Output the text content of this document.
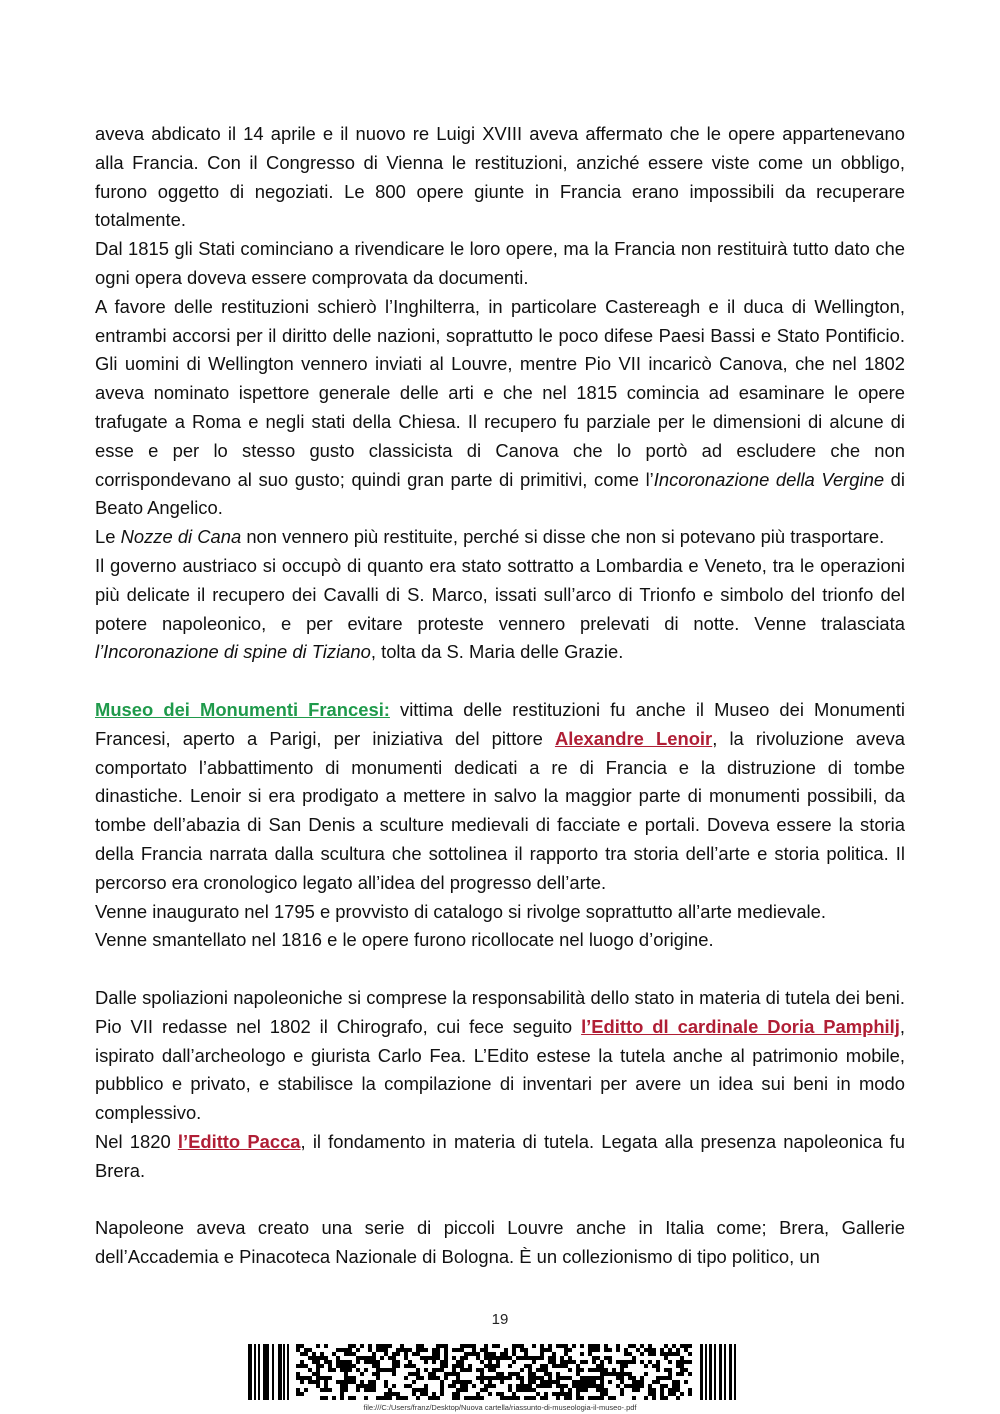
aveva abdicato il 14 aprile e il nuovo re Luigi XVIII aveva affermato che le opere appartenevano alla Francia. Con il Congresso di Vienna le restituzioni, anziché essere viste come un obbligo, furono oggetto di negoziati. Le 800 opere giunte in Francia erano impossibili da recuperare totalmente.

Dal 1815 gli Stati cominciano a rivendicare le loro opere, ma la Francia non restituirà tutto dato che ogni opera doveva essere comprovata da documenti.

A favore delle restituzioni schierò l’Inghilterra, in particolare Castereagh e il duca di Wellington, entrambi accorsi per il diritto delle nazioni, soprattutto le poco difese Paesi Bassi e Stato Pontificio. Gli uomini di Wellington vennero inviati al Louvre, mentre Pio VII incaricò Canova, che nel 1802 aveva nominato ispettore generale delle arti e che nel 1815 comincia ad esaminare le opere trafugate a Roma e negli stati della Chiesa. Il recupero fu parziale per le dimensioni di alcune di esse e per lo stesso gusto classicista di Canova che lo portò ad escludere che non corrispondevano al suo gusto; quindi gran parte di primitivi, come l’Incoronazione della Vergine di Beato Angelico.

Le Nozze di Cana non vennero più restituite, perché si disse che non si potevano più trasportare.

Il governo austriaco si occupò di quanto era stato sottratto a Lombardia e Veneto, tra le operazioni più delicate il recupero dei Cavalli di S. Marco, issati sull’arco di Trionfo e simbolo del trionfo del potere napoleonico, e per evitare proteste vennero prelevati di notte. Venne tralasciata l’Incoronazione di spine di Tiziano, tolta da S. Maria delle Grazie.

Museo dei Monumenti Francesi: vittima delle restituzioni fu anche il Museo dei Monumenti Francesi, aperto a Parigi, per iniziativa del pittore Alexandre Lenoir, la rivoluzione aveva comportato l’abbattimento di monumenti dedicati a re di Francia e la distruzione di tombe dinastiche. Lenoir si era prodigato a mettere in salvo la maggior parte di monumenti possibili, da tombe dell’abazia di San Denis a sculture medievali di facciate e portali. Doveva essere la storia della Francia narrata dalla scultura che sottolinea il rapporto tra storia dell’arte e storia politica. Il percorso era cronologico legato all’idea del progresso dell’arte.

Venne inaugurato nel 1795 e provvisto di catalogo si rivolge soprattutto all’arte medievale.

Venne smantellato nel 1816 e le opere furono ricollocate nel luogo d’origine.

Dalle spoliazioni napoleoniche si comprese la responsabilità dello stato in materia di tutela dei beni. Pio VII redasse nel 1802 il Chirografo, cui fece seguito l’Editto dl cardinale Doria Pamphilj, ispirato dall’archeologo e giurista Carlo Fea. L’Edito estese la tutela anche al patrimonio mobile, pubblico e privato, e stabilisce la compilazione di inventari per avere un idea sui beni in modo complessivo.

Nel 1820 l’Editto Pacca, il fondamento in materia di tutela. Legata alla presenza napoleonica fu Brera.

Napoleone aveva creato una serie di piccoli Louvre anche in Italia come; Brera, Gallerie dell’Accademia e Pinacoteca Nazionale di Bologna. È un collezionismo di tipo politico, un

19
file:///C:/Users/franz/Desktop/Nuova cartella/riassunto-di-museologia-il-museo-.pdf
